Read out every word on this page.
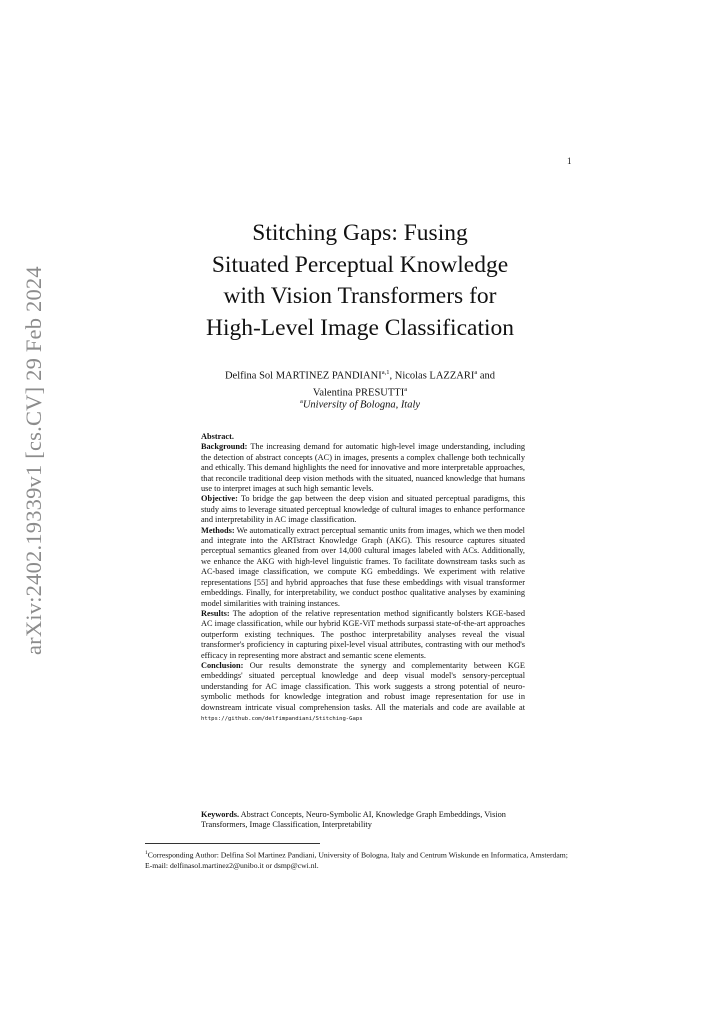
1
arXiv:2402.19339v1 [cs.CV] 29 Feb 2024
Stitching Gaps: Fusing
Situated Perceptual Knowledge
with Vision Transformers for
High-Level Image Classification
Delfina Sol MARTINEZ PANDIANI$^{a,1}$, Nicolas LAZZARI$^a$ and
Valentina PRESUTTI$^a$
$^a$University of Bologna, Italy

Abstract.

Background: The increasing demand for automatic high-level image understanding, including the detection of abstract concepts (AC) in images, presents a complex challenge both technically and ethically. This demand highlights the need for innovative and more interpretable approaches, that reconcile traditional deep vision methods with the situated, nuanced knowledge that humans use to interpret images at such high semantic levels.

Objective: To bridge the gap between the deep vision and situated perceptual paradigms, this study aims to leverage situated perceptual knowledge of cultural images to enhance performance and interpretability in AC image classification.

Methods: We automatically extract perceptual semantic units from images, which we then model and integrate into the ARTstract Knowledge Graph (AKG). This resource captures situated perceptual semantics gleaned from over 14,000 cultural images labeled with ACs. Additionally, we enhance the AKG with high-level linguistic frames. To facilitate downstream tasks such as AC-based image classification, we compute KG embeddings. We experiment with relative representations [55] and hybrid approaches that fuse these embeddings with visual transformer embeddings. Finally, for interpretability, we conduct posthoc qualitative analyses by examining model similarities with training instances.

Results: The adoption of the relative representation method significantly bolsters KGE-based AC image classification, while our hybrid KGE-ViT methods surpassi state-of-the-art approaches outperform existing techniques. The posthoc interpretability analyses reveal the visual transformer's proficiency in capturing pixel-level visual attributes, contrasting with our method's efficacy in representing more abstract and semantic scene elements.

Conclusion: Our results demonstrate the synergy and complementarity between KGE embeddings' situated perceptual knowledge and deep visual model's sensory-perceptual understanding for AC image classification. This work suggests a strong potential of neuro-symbolic methods for knowledge integration and robust image representation for use in downstream intricate visual comprehension tasks. All the materials and code are available at https://github.com/delfimpandiani/Stitching-Gaps

Keywords. Abstract Concepts, Neuro-Symbolic AI, Knowledge Graph Embeddings, Vision Transformers, Image Classification, Interpretability
$^1$Corresponding Author: Delfina Sol Martinez Pandiani, University of Bologna, Italy and Centrum Wiskunde en Informatica, Amsterdam; E-mail: delfinasol.martinez2@unibo.it or dsmp@cwi.nl.
